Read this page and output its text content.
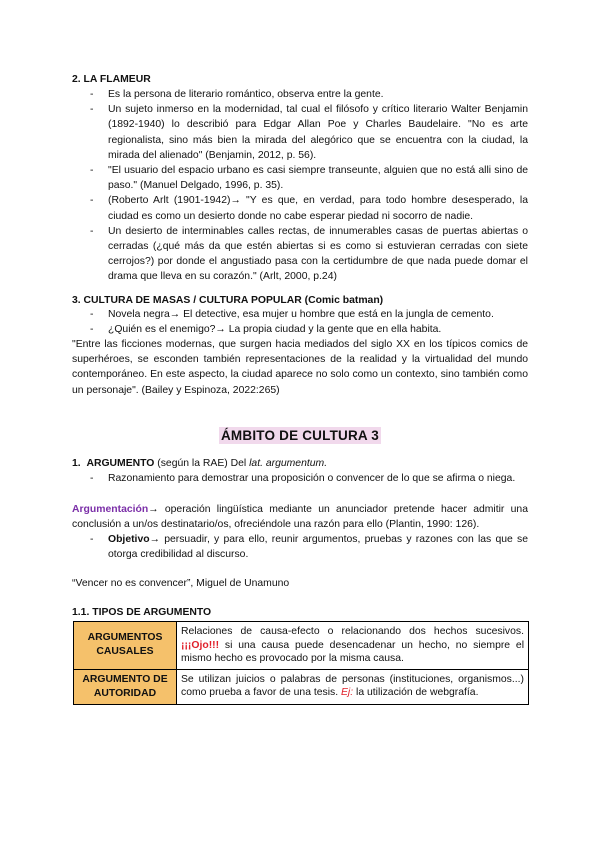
2. LA FLAMEUR
- Es la persona de literario romántico, observa entre la gente.
- Un sujeto inmerso en la modernidad, tal cual el filósofo y crítico literario Walter Benjamin (1892-1940) lo describió para Edgar Allan Poe y Charles Baudelaire. "No es arte regionalista, sino más bien la mirada del alegórico que se encuentra con la ciudad, la mirada del alienado" (Benjamin, 2012, p. 56).
- "El usuario del espacio urbano es casi siempre transeunte, alguien que no está alli sino de paso." (Manuel Delgado, 1996, p. 35).
- (Roberto Arlt (1901-1942)→ "Y es que, en verdad, para todo hombre desesperado, la ciudad es como un desierto donde no cabe esperar piedad ni socorro de nadie.
- Un desierto de interminables calles rectas, de innumerables casas de puertas abiertas o cerradas (¿qué más da que estén abiertas si es como si estuvieran cerradas con siete cerrojos?) por donde el angustiado pasa con la certidumbre de que nada puede domar el drama que lleva en su corazón." (Arlt, 2000, p.24)
3. CULTURA DE MASAS / CULTURA POPULAR (Comic batman)
- Novela negra→ El detective, esa mujer u hombre que está en la jungla de cemento.
- ¿Quién es el enemigo?→ La propia ciudad y la gente que en ella habita.
"Entre las ficciones modernas, que surgen hacia mediados del siglo XX en los típicos comics de superhéroes, se esconden también representaciones de la realidad y la virtualidad del mundo contemporáneo. En este aspecto, la ciudad aparece no solo como un contexto, sino también como un personaje". (Bailey y Espinoza, 2022:265)
ÁMBITO DE CULTURA 3
1. ARGUMENTO (según la RAE) Del lat. argumentum.
- Razonamiento para demostrar una proposición o convencer de lo que se afirma o niega.
Argumentación→ operación lingüística mediante un anunciador pretende hacer admitir una conclusión a un/os destinatario/os, ofreciéndole una razón para ello (Plantin, 1990: 126).
- Objetivo→ persuadir, y para ello, reunir argumentos, pruebas y razones con las que se otorga credibilidad al discurso.
“Vencer no es convencer”, Miguel de Unamuno
1.1. TIPOS DE ARGUMENTO
ARGUMENTOS CAUSALES	Relaciones de causa-efecto o relacionando dos hechos sucesivos. ¡¡¡Ojo!!! si una causa puede desencadenar un hecho, no siempre el mismo hecho es provocado por la misma causa.
ARGUMENTO DE AUTORIDAD	Se utilizan juicios o palabras de personas (instituciones, organismos...) como prueba a favor de una tesis. Ej: la utilización de webgrafía.
